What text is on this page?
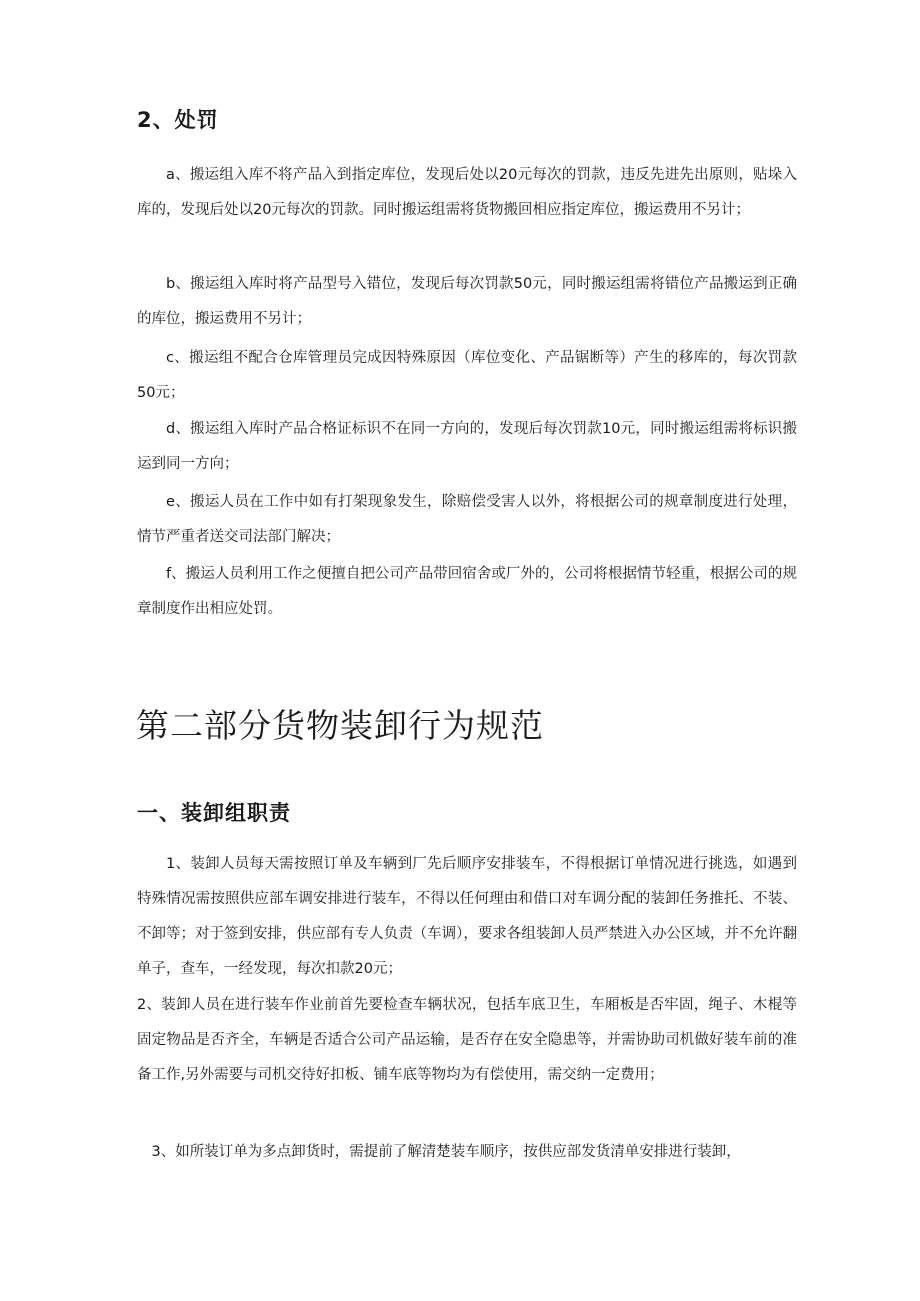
2、处罚

a、搬运组入库不将产品入到指定库位，发现后处以20元每次的罚款，违反先进先出原则，贴垛入库的，发现后处以20元每次的罚款。同时搬运组需将货物搬回相应指定库位，搬运费用不另计；

b、搬运组入库时将产品型号入错位，发现后每次罚款50元，同时搬运组需将错位产品搬运到正确的库位，搬运费用不另计；

c、搬运组不配合仓库管理员完成因特殊原因（库位变化、产品锯断等）产生的移库的，每次罚款50元；

d、搬运组入库时产品合格证标识不在同一方向的，发现后每次罚款10元，同时搬运组需将标识搬运到同一方向；

e、搬运人员在工作中如有打架现象发生，除赔偿受害人以外，将根据公司的规章制度进行处理，情节严重者送交司法部门解决；

f、搬运人员利用工作之便擅自把公司产品带回宿舍或厂外的，公司将根据情节轻重，根据公司的规章制度作出相应处罚。

第二部分货物装卸行为规范
一、装卸组职责

1、装卸人员每天需按照订单及车辆到厂先后顺序安排装车，不得根据订单情况进行挑选，如遇到特殊情况需按照供应部车调安排进行装车，不得以任何理由和借口对车调分配的装卸任务推托、不装、不卸等；对于签到安排，供应部有专人负责（车调），要求各组装卸人员严禁进入办公区域，并不允许翻单子，查车，一经发现，每次扣款20元；

2、装卸人员在进行装车作业前首先要检查车辆状况，包括车底卫生，车厢板是否牢固，绳子、木棍等固定物品是否齐全，车辆是否适合公司产品运输，是否存在安全隐患等，并需协助司机做好装车前的准备工作,另外需要与司机交待好扣板、铺车底等物均为有偿使用，需交纳一定费用；

3、如所装订单为多点卸货时，需提前了解清楚装车顺序，按供应部发货清单安排进行装卸，
